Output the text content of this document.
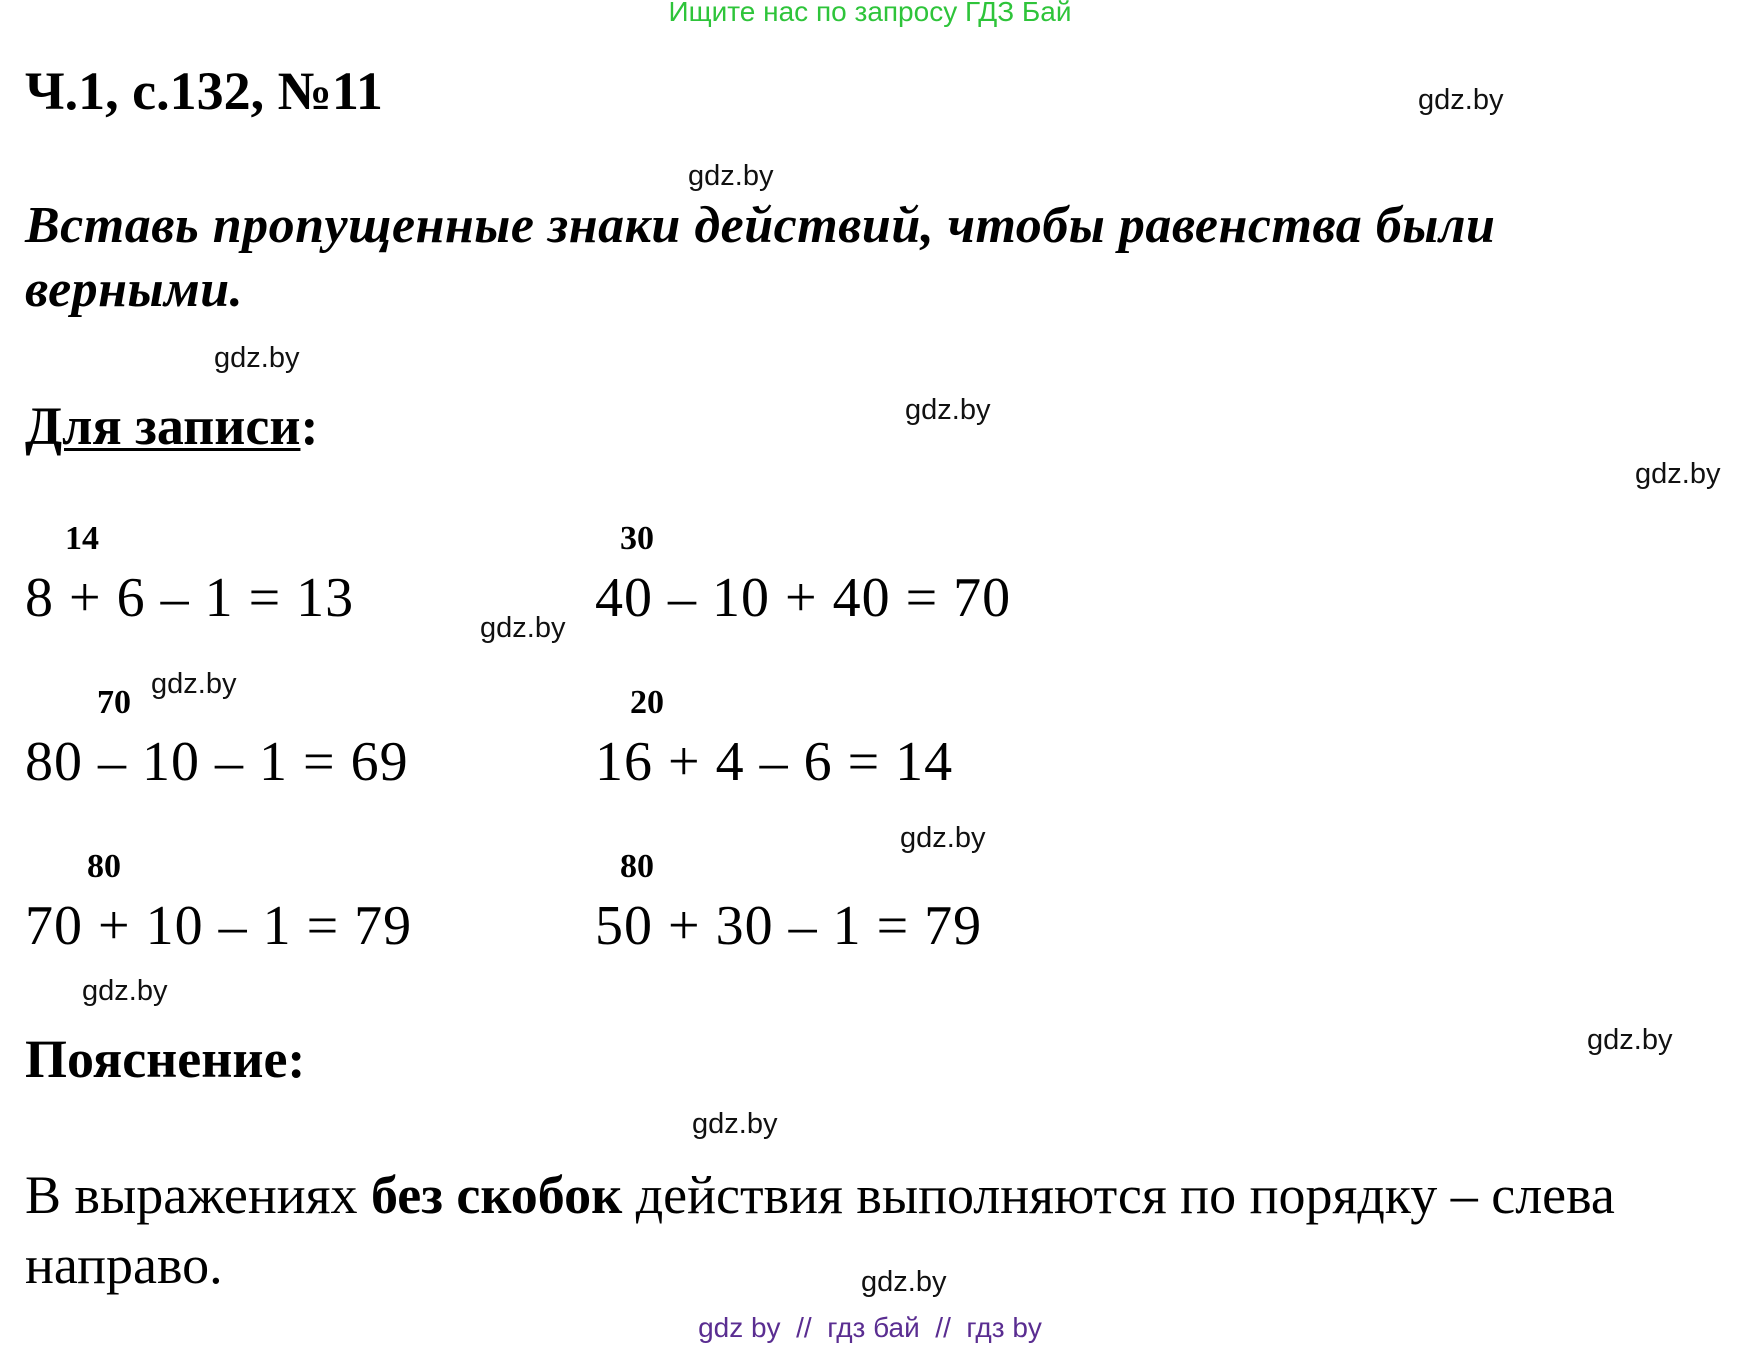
Ищите нас по запросу ГДЗ Бай
Ч.1, с.132, №11
Вставь пропущенные знаки действий, чтобы равенства были верными.
Для записи:
14
8 + 6 – 1 = 13
30
40 – 10 + 40 = 70
70
80 – 10 – 1 = 69
20
16 + 4 – 6 = 14
80
70 + 10 – 1 = 79
80
50 + 30 – 1 = 79
Пояснение:
В выражениях без скобок действия выполняются по порядку – слева направо.
gdz.by
gdz.by
gdz.by
gdz.by
gdz.by
gdz.by
gdz.by
gdz.by
gdz.by
gdz.by
gdz.by
gdz.by
gdz by  //  гдз бай  //  гдз by
